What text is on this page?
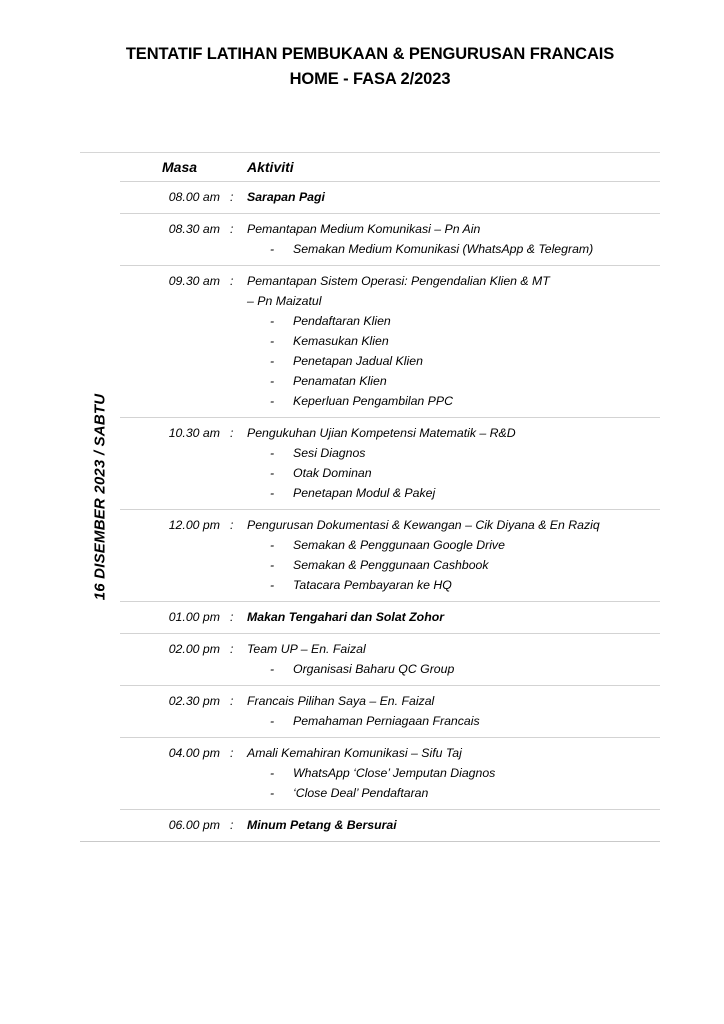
TENTATIF LATIHAN PEMBUKAAN & PENGURUSAN FRANCAIS
HOME - FASA 2/2023
16 DISEMBER 2023 / SABTU
Masa	Aktiviti
08.00 am :	Sarapan Pagi
08.30 am :	Pemantapan Medium Komunikasi – Pn Ain
- Semakan Medium Komunikasi (WhatsApp & Telegram)
09.30 am :	Pemantapan Sistem Operasi: Pengendalian Klien & MT
– Pn Maizatul
- Pendaftaran Klien
- Kemasukan Klien
- Penetapan Jadual Klien
- Penamatan Klien
- Keperluan Pengambilan PPC
10.30 am :	Pengukuhan Ujian Kompetensi Matematik – R&D
- Sesi Diagnos
- Otak Dominan
- Penetapan Modul & Pakej
12.00 pm :	Pengurusan Dokumentasi & Kewangan – Cik Diyana & En Raziq
- Semakan & Penggunaan Google Drive
- Semakan & Penggunaan Cashbook
- Tatacara Pembayaran ke HQ
01.00 pm :	Makan Tengahari dan Solat Zohor
02.00 pm :	Team UP – En. Faizal
- Organisasi Baharu QC Group
02.30 pm :	Francais Pilihan Saya – En. Faizal
- Pemahaman Perniagaan Francais
04.00 pm :	Amali Kemahiran Komunikasi – Sifu Taj
- WhatsApp ‘Close’ Jemputan Diagnos
- ‘Close Deal’ Pendaftaran
06.00 pm :	Minum Petang & Bersurai
